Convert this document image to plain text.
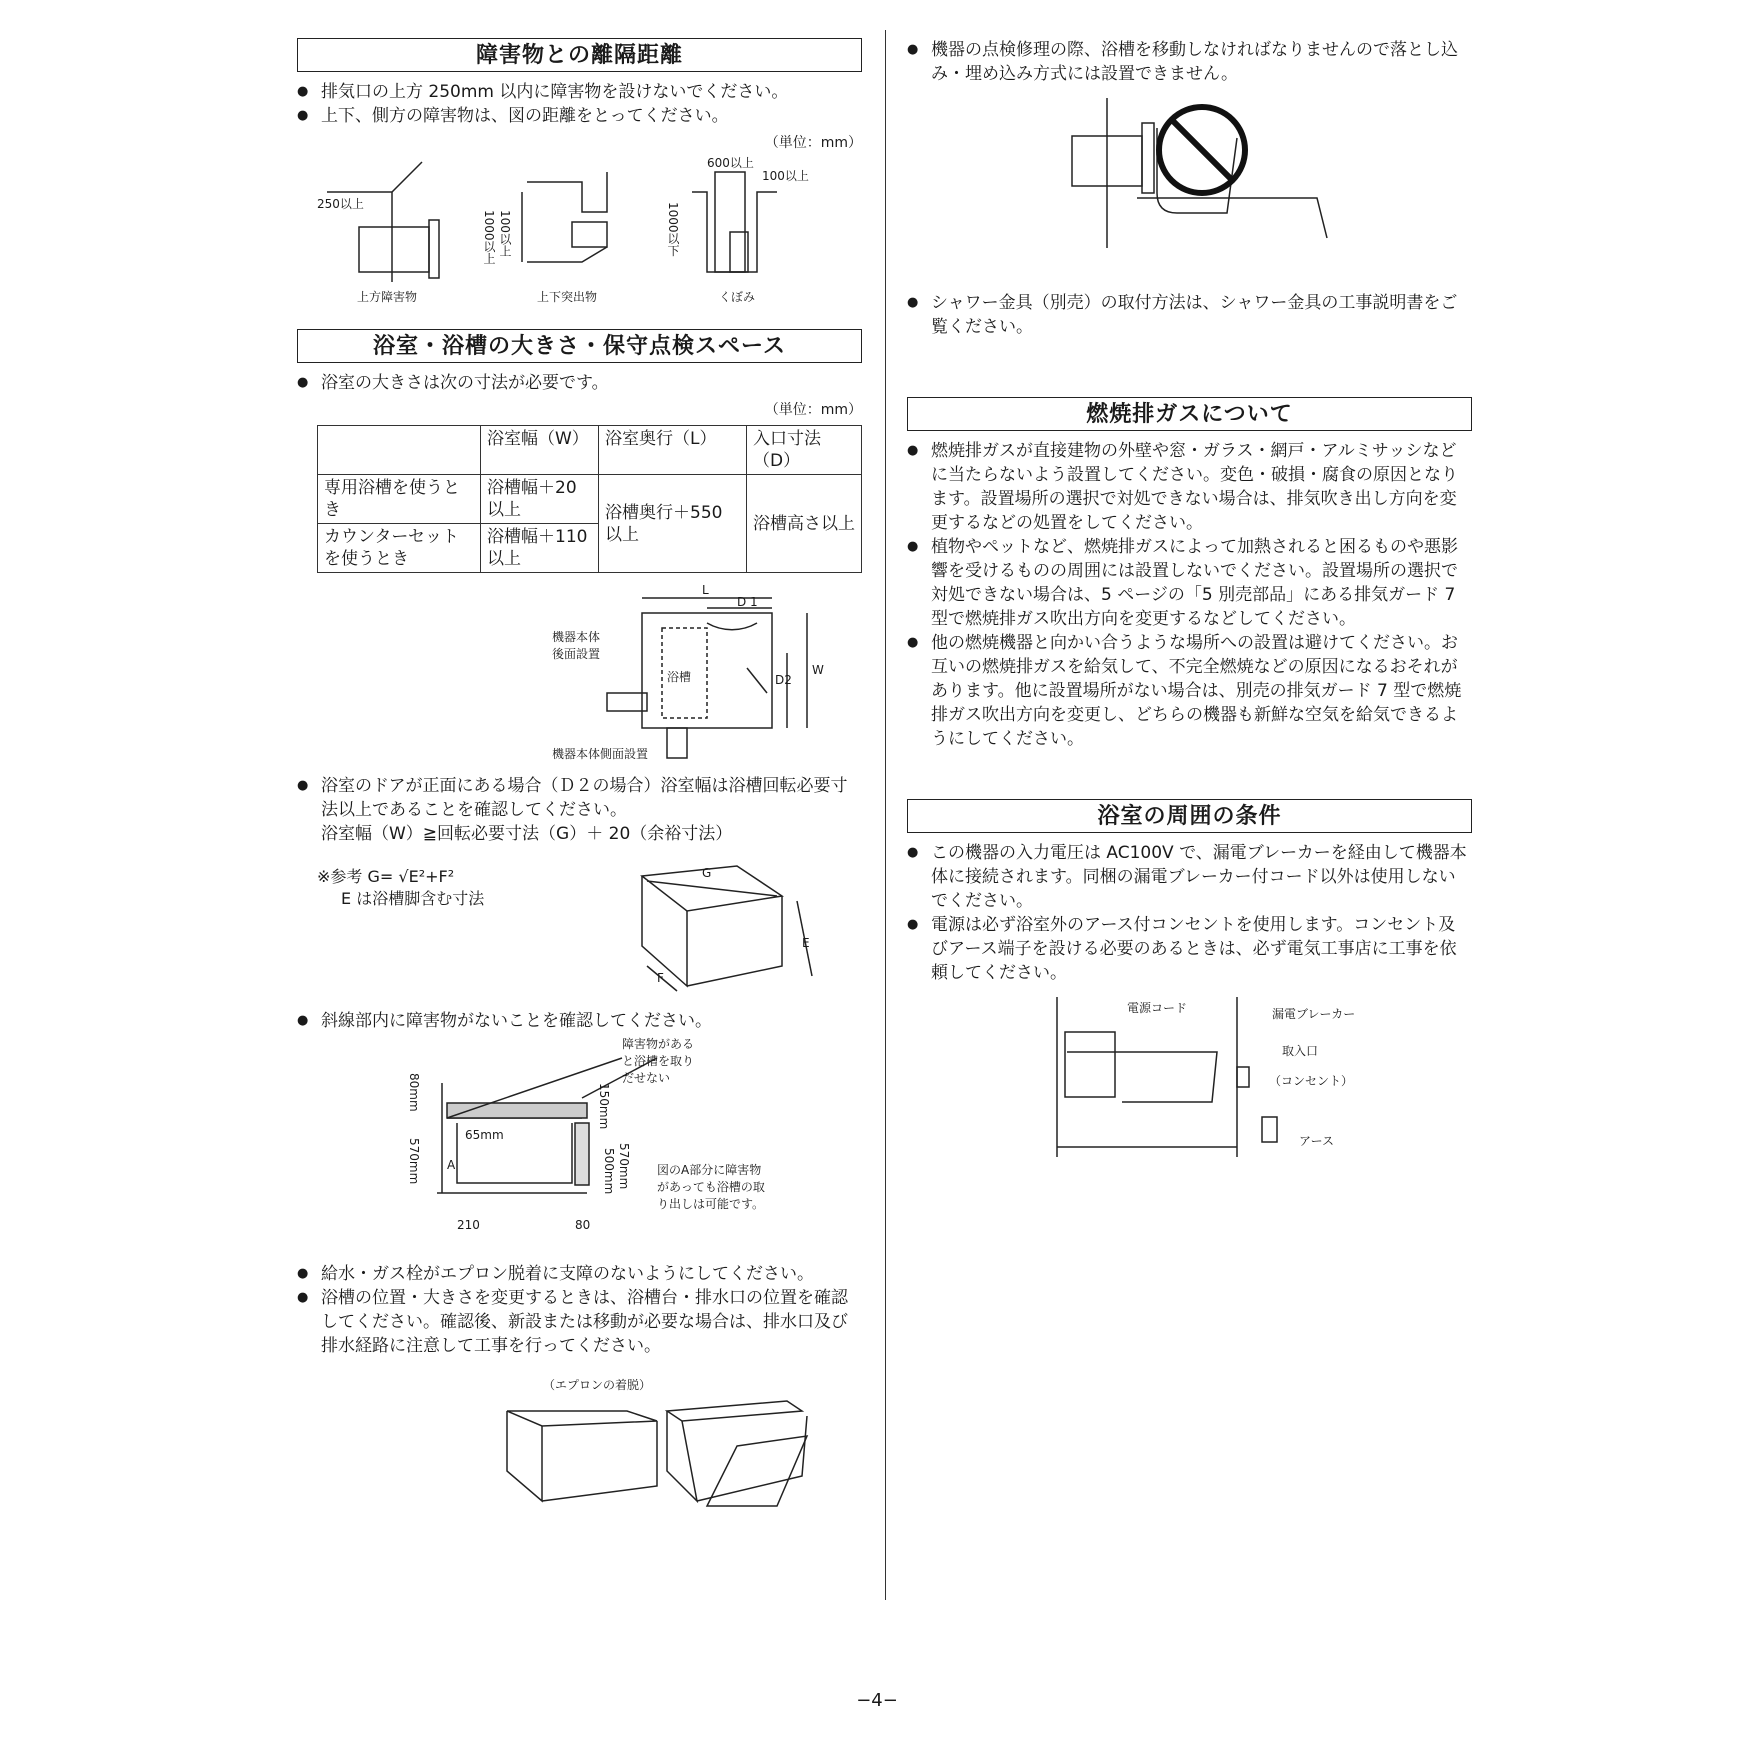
障害物との離隔距離
● 排気口の上方 250mm 以内に障害物を設けないでください。
● 上下、側方の障害物は、図の距離をとってください。
（単位：mm）
250以上
1000以上 100以上
600以上
100以上
1000以下
上方障害物	上下突出物	くぼみ
浴室・浴槽の大きさ・保守点検スペース
● 浴室の大きさは次の寸法が必要です。
（単位：mm）
	浴室幅（W）	浴室奥行（L）	入口寸法（D）
専用浴槽を使うとき	浴槽幅＋20 以上	浴槽奥行＋550 以上	浴槽高さ以上
カウンターセットを使うとき	浴槽幅＋110 以上		
L
D 1
D2
W
浴槽
機器本体後面設置
機器本体側面設置
● 浴室のドアが正面にある場合（Ｄ２の場合）浴室幅は浴槽回転必要寸法以上であることを確認してください。
浴室幅（W）≧回転必要寸法（G）＋ 20（余裕寸法）
※参考 G= √E²+F²
E は浴槽脚含む寸法
G
E
F
● 斜線部内に障害物がないことを確認してください。
障害物があると浴槽を取りだせない
80mm	150mm
570mm	500mm 570mm
65mm
A
210	80
図のA部分に障害物があっても浴槽の取り出しは可能です。
● 給水・ガス栓がエプロン脱着に支障のないようにしてください。
● 浴槽の位置・大きさを変更するときは、浴槽台・排水口の位置を確認してください。確認後、新設または移動が必要な場合は、排水口及び排水経路に注意して工事を行ってください。
（エプロンの着脱）
● 機器の点検修理の際、浴槽を移動しなければなりませんので落とし込み・埋め込み方式には設置できません。
● シャワー金具（別売）の取付方法は、シャワー金具の工事説明書をご覧ください。
燃焼排ガスについて
● 燃焼排ガスが直接建物の外壁や窓・ガラス・網戸・アルミサッシなどに当たらないよう設置してください。変色・破損・腐食の原因となります。設置場所の選択で対処できない場合は、排気吹き出し方向を変更するなどの処置をしてください。
● 植物やペットなど、燃焼排ガスによって加熱されると困るものや悪影響を受けるものの周囲には設置しないでください。設置場所の選択で対処できない場合は、5 ページの「5 別売部品」にある排気ガード 7 型で燃焼排ガス吹出方向を変更するなどしてください。
● 他の燃焼機器と向かい合うような場所への設置は避けてください。お互いの燃焼排ガスを給気して、不完全燃焼などの原因になるおそれがあります。他に設置場所がない場合は、別売の排気ガード 7 型で燃焼排ガス吹出方向を変更し、どちらの機器も新鮮な空気を給気できるようにしてください。
浴室の周囲の条件
● この機器の入力電圧は AC100V で、漏電ブレーカーを経由して機器本体に接続されます。同梱の漏電ブレーカー付コード以外は使用しないでください。
● 電源は必ず浴室外のアース付コンセントを使用します。コンセント及びアース端子を設ける必要のあるときは、必ず電気工事店に工事を依頼してください。
電源コード	漏電ブレーカー
取入口
（コンセント）
アース
−4−
